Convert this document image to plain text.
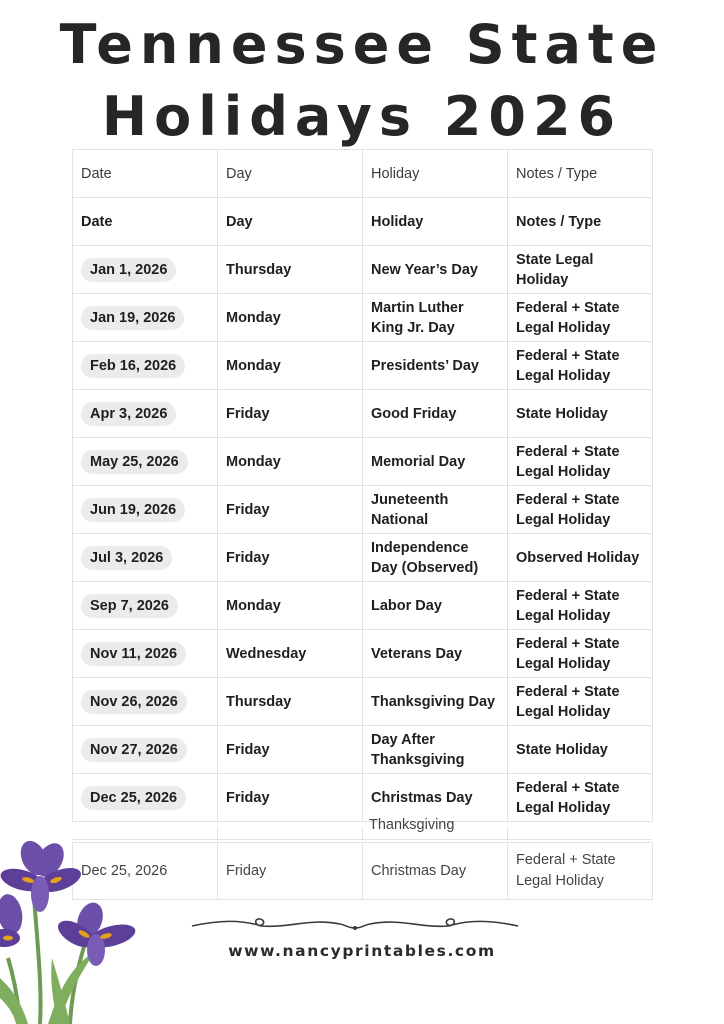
Tennessee State
Holidays 2026
Date	Day	Holiday	Notes / Type
Date	Day	Holiday	Notes / Type
Jan 1, 2026	Thursday	New Year’s Day	State Legal Holiday
Jan 19, 2026	Monday	Martin Luther King Jr. Day	Federal + State Legal Holiday
Feb 16, 2026	Monday	Presidents’ Day	Federal + State Legal Holiday
Apr 3, 2026	Friday	Good Friday	State Holiday
May 25, 2026	Monday	Memorial Day	Federal + State Legal Holiday
Jun 19, 2026	Friday	Juneteenth National	Federal + State Legal Holiday
Jul 3, 2026	Friday	Independence Day (Observed)	Observed Holiday
Sep 7, 2026	Monday	Labor Day	Federal + State Legal Holiday
Nov 11, 2026	Wednesday	Veterans Day	Federal + State Legal Holiday
Nov 26, 2026	Thursday	Thanksgiving Day	Federal + State Legal Holiday
Nov 27, 2026	Friday	Day After Thanksgiving	State Holiday
Dec 25, 2026	Friday	Christmas Day	Federal + State Legal Holiday
Thanksgiving
Dec 25, 2026	Friday	Christmas Day	Federal + State Legal Holiday
www.nancyprintables.com
